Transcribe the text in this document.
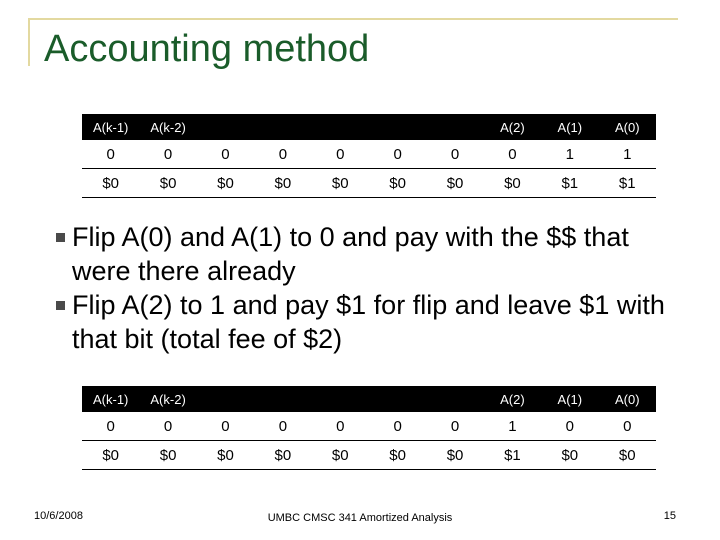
Accounting method
A(k-1)	A(k-2)						A(2)	A(1)	A(0)
0	0	0	0	0	0	0	0	1	1
$0	$0	$0	$0	$0	$0	$0	$0	$1	$1

Flip A(0) and A(1) to 0 and pay with the $$ that were there already

Flip A(2) to 1 and pay $1 for flip and leave $1 with that bit (total fee of $2)

A(k-1)	A(k-2)						A(2)	A(1)	A(0)
0	0	0	0	0	0	0	1	0	0
$0	$0	$0	$0	$0	$0	$0	$1	$0	$0
10/6/2008	UMBC CMSC 341 Amortized Analysis	15
